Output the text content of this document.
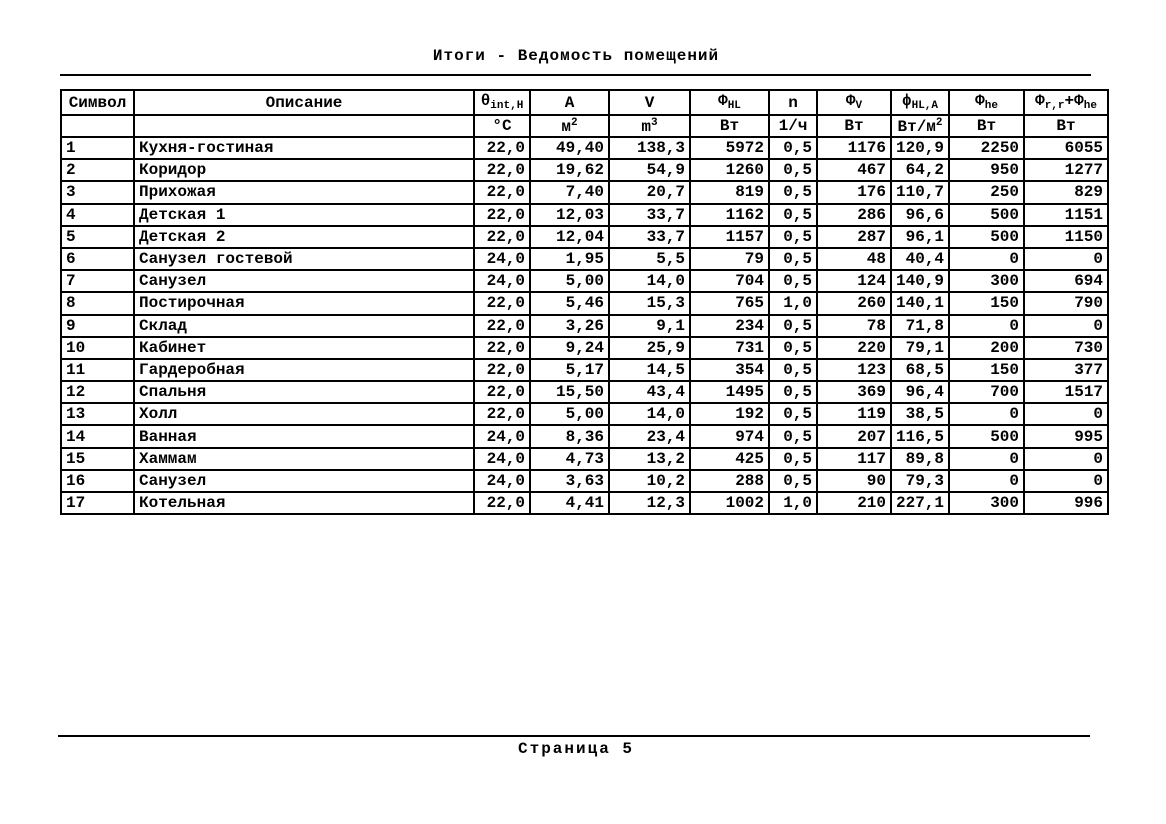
Итоги - Ведомость помещений
Символ	Описание	$\theta_{int,H}$	A	V	$\Phi_{HL}$	n	$\Phi_V$	$\phi_{HL,A}$	$\Phi_{he}$	$\Phi_{r,r}+\Phi_{he}$
		°C	$м^2$	$m^3$	Вт	1/ч	Вт	$Вт/м^2$	Вт	Вт
1	Кухня-гостиная	22,0	49,40	138,3	5972	0,5	1176	120,9	2250	6055
2	Коридор	22,0	19,62	54,9	1260	0,5	467	64,2	950	1277
3	Прихожая	22,0	7,40	20,7	819	0,5	176	110,7	250	829
4	Детская 1	22,0	12,03	33,7	1162	0,5	286	96,6	500	1151
5	Детская 2	22,0	12,04	33,7	1157	0,5	287	96,1	500	1150
6	Санузел гостевой	24,0	1,95	5,5	79	0,5	48	40,4	0	0
7	Санузел	24,0	5,00	14,0	704	0,5	124	140,9	300	694
8	Постирочная	22,0	5,46	15,3	765	1,0	260	140,1	150	790
9	Склад	22,0	3,26	9,1	234	0,5	78	71,8	0	0
10	Кабинет	22,0	9,24	25,9	731	0,5	220	79,1	200	730
11	Гардеробная	22,0	5,17	14,5	354	0,5	123	68,5	150	377
12	Спальня	22,0	15,50	43,4	1495	0,5	369	96,4	700	1517
13	Холл	22,0	5,00	14,0	192	0,5	119	38,5	0	0
14	Ванная	24,0	8,36	23,4	974	0,5	207	116,5	500	995
15	Хаммам	24,0	4,73	13,2	425	0,5	117	89,8	0	0
16	Санузел	24,0	3,63	10,2	288	0,5	90	79,3	0	0
17	Котельная	22,0	4,41	12,3	1002	1,0	210	227,1	300	996
Страница 5
